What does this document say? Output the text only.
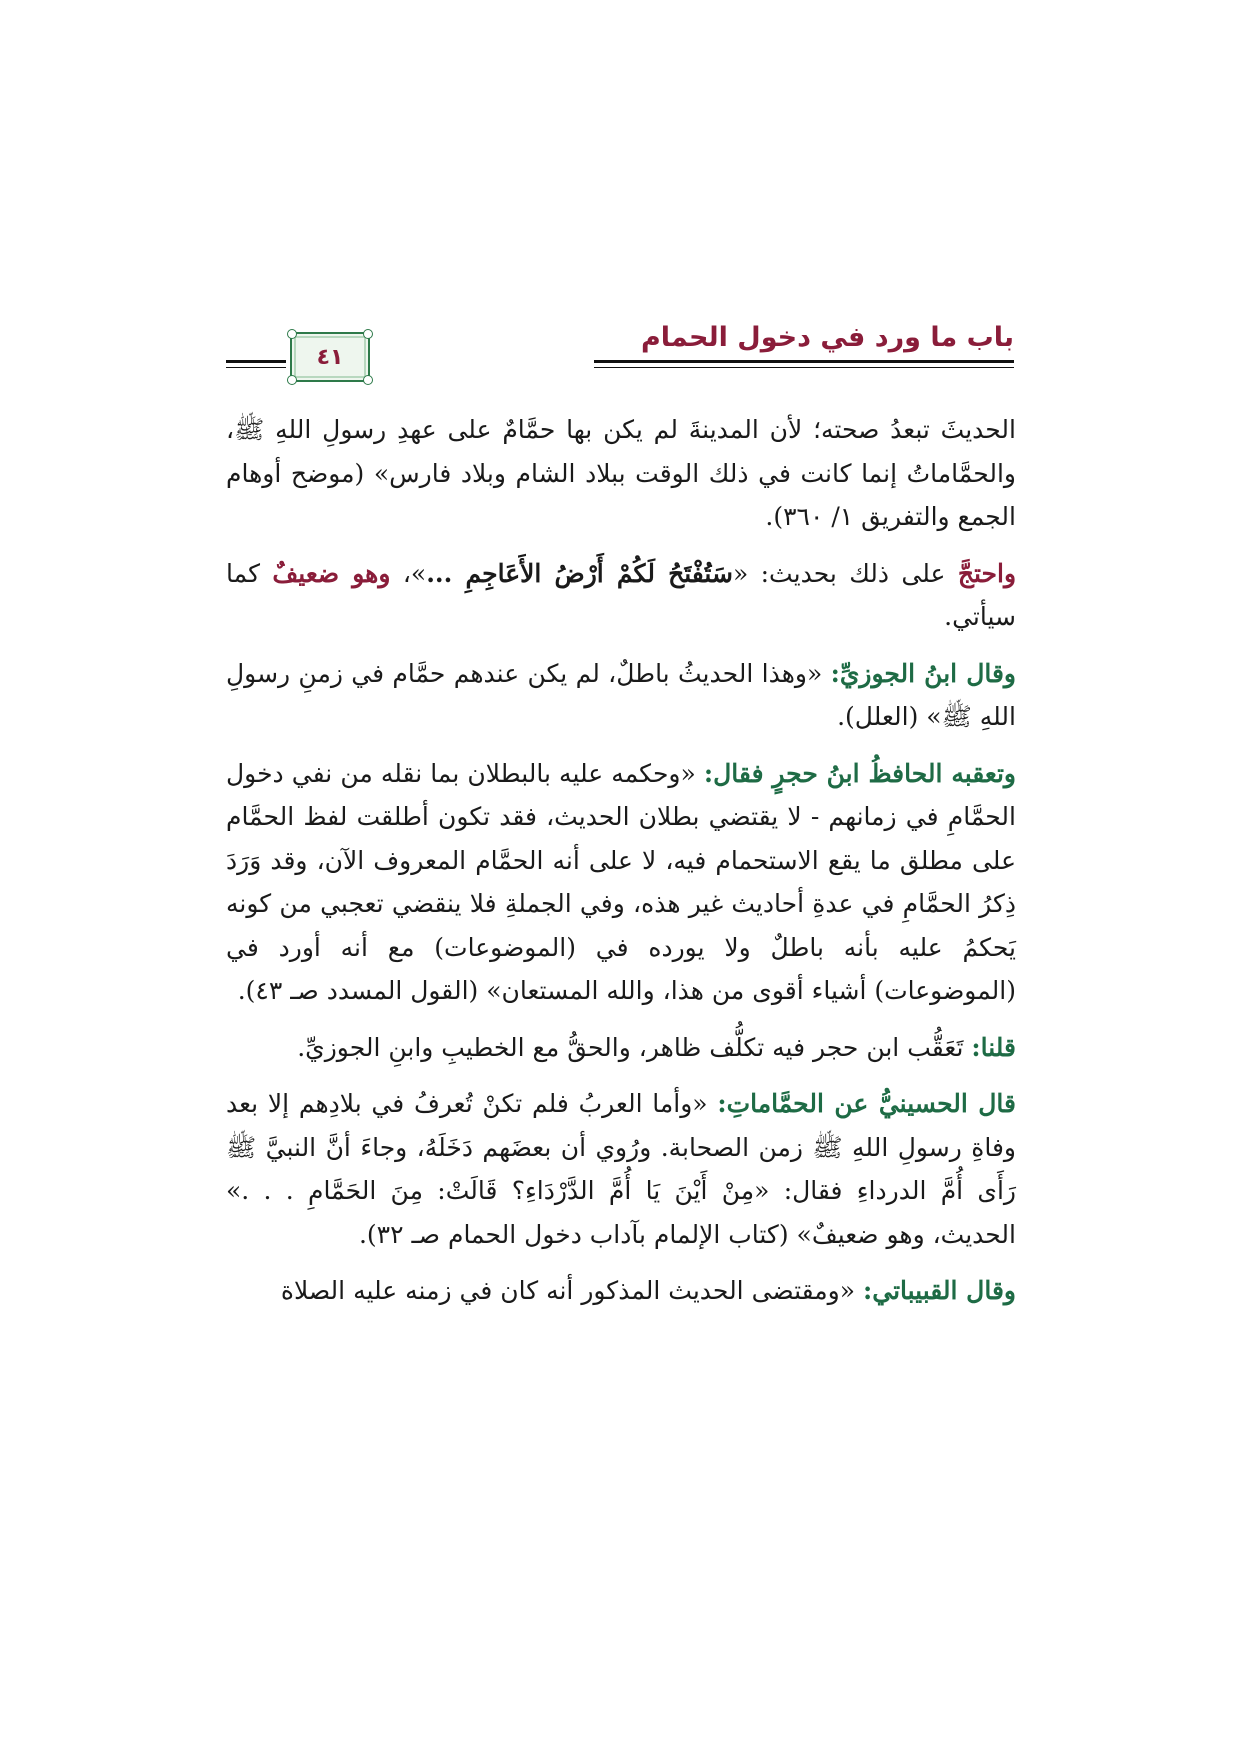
باب ما ورد في دخول الحمام
٤١

الحديثَ تبعدُ صحته؛ لأن المدينةَ لم يكن بها حمَّامٌ على عهدِ رسولِ اللهِ ﷺ، والحمَّاماتُ إنما كانت في ذلك الوقت ببلاد الشام وبلاد فارس» (موضح أوهام الجمع والتفريق ١/ ٣٦٠).

واحتجَّ على ذلك بحديث: «سَتُفْتَحُ لَكُمْ أَرْضُ الأَعَاجِمِ ...»، وهو ضعيفٌ كما سيأتي.

وقال ابنُ الجوزيِّ: «وهذا الحديثُ باطلٌ، لم يكن عندهم حمَّام في زمنِ رسولِ اللهِ ﷺ» (العلل).

وتعقبه الحافظُ ابنُ حجرٍ فقال: «وحكمه عليه بالبطلان بما نقله من نفي دخول الحمَّامِ في زمانهم - لا يقتضي بطلان الحديث، فقد تكون أطلقت لفظ الحمَّام على مطلق ما يقع الاستحمام فيه، لا على أنه الحمَّام المعروف الآن، وقد وَرَدَ ذِكرُ الحمَّامِ في عدةِ أحاديث غير هذه، وفي الجملةِ فلا ينقضي تعجبي من كونه يَحكمُ عليه بأنه باطلٌ ولا يورده في (الموضوعات) مع أنه أورد في (الموضوعات) أشياء أقوى من هذا، والله المستعان» (القول المسدد صـ ٤٣).

قلنا: تَعَقُّب ابن حجر فيه تكلُّف ظاهر، والحقُّ مع الخطيبِ وابنِ الجوزيِّ.

قال الحسينيُّ عن الحمَّاماتِ: «وأما العربُ فلم تكنْ تُعرفُ في بلادِهم إلا بعد وفاةِ رسولِ اللهِ ﷺ زمن الصحابة. ورُوي أن بعضَهم دَخَلَهُ، وجاءَ أنَّ النبيَّ ﷺ رَأَى أُمَّ الدرداءِ فقال: «مِنْ أَيْنَ يَا أُمَّ الدَّرْدَاءِ؟ قَالَتْ: مِنَ الحَمَّامِ . . .» الحديث، وهو ضعيفٌ» (كتاب الإلمام بآداب دخول الحمام صـ ٣٢).

وقال القبيباتي: «ومقتضى الحديث المذكور أنه كان في زمنه عليه الصلاة
